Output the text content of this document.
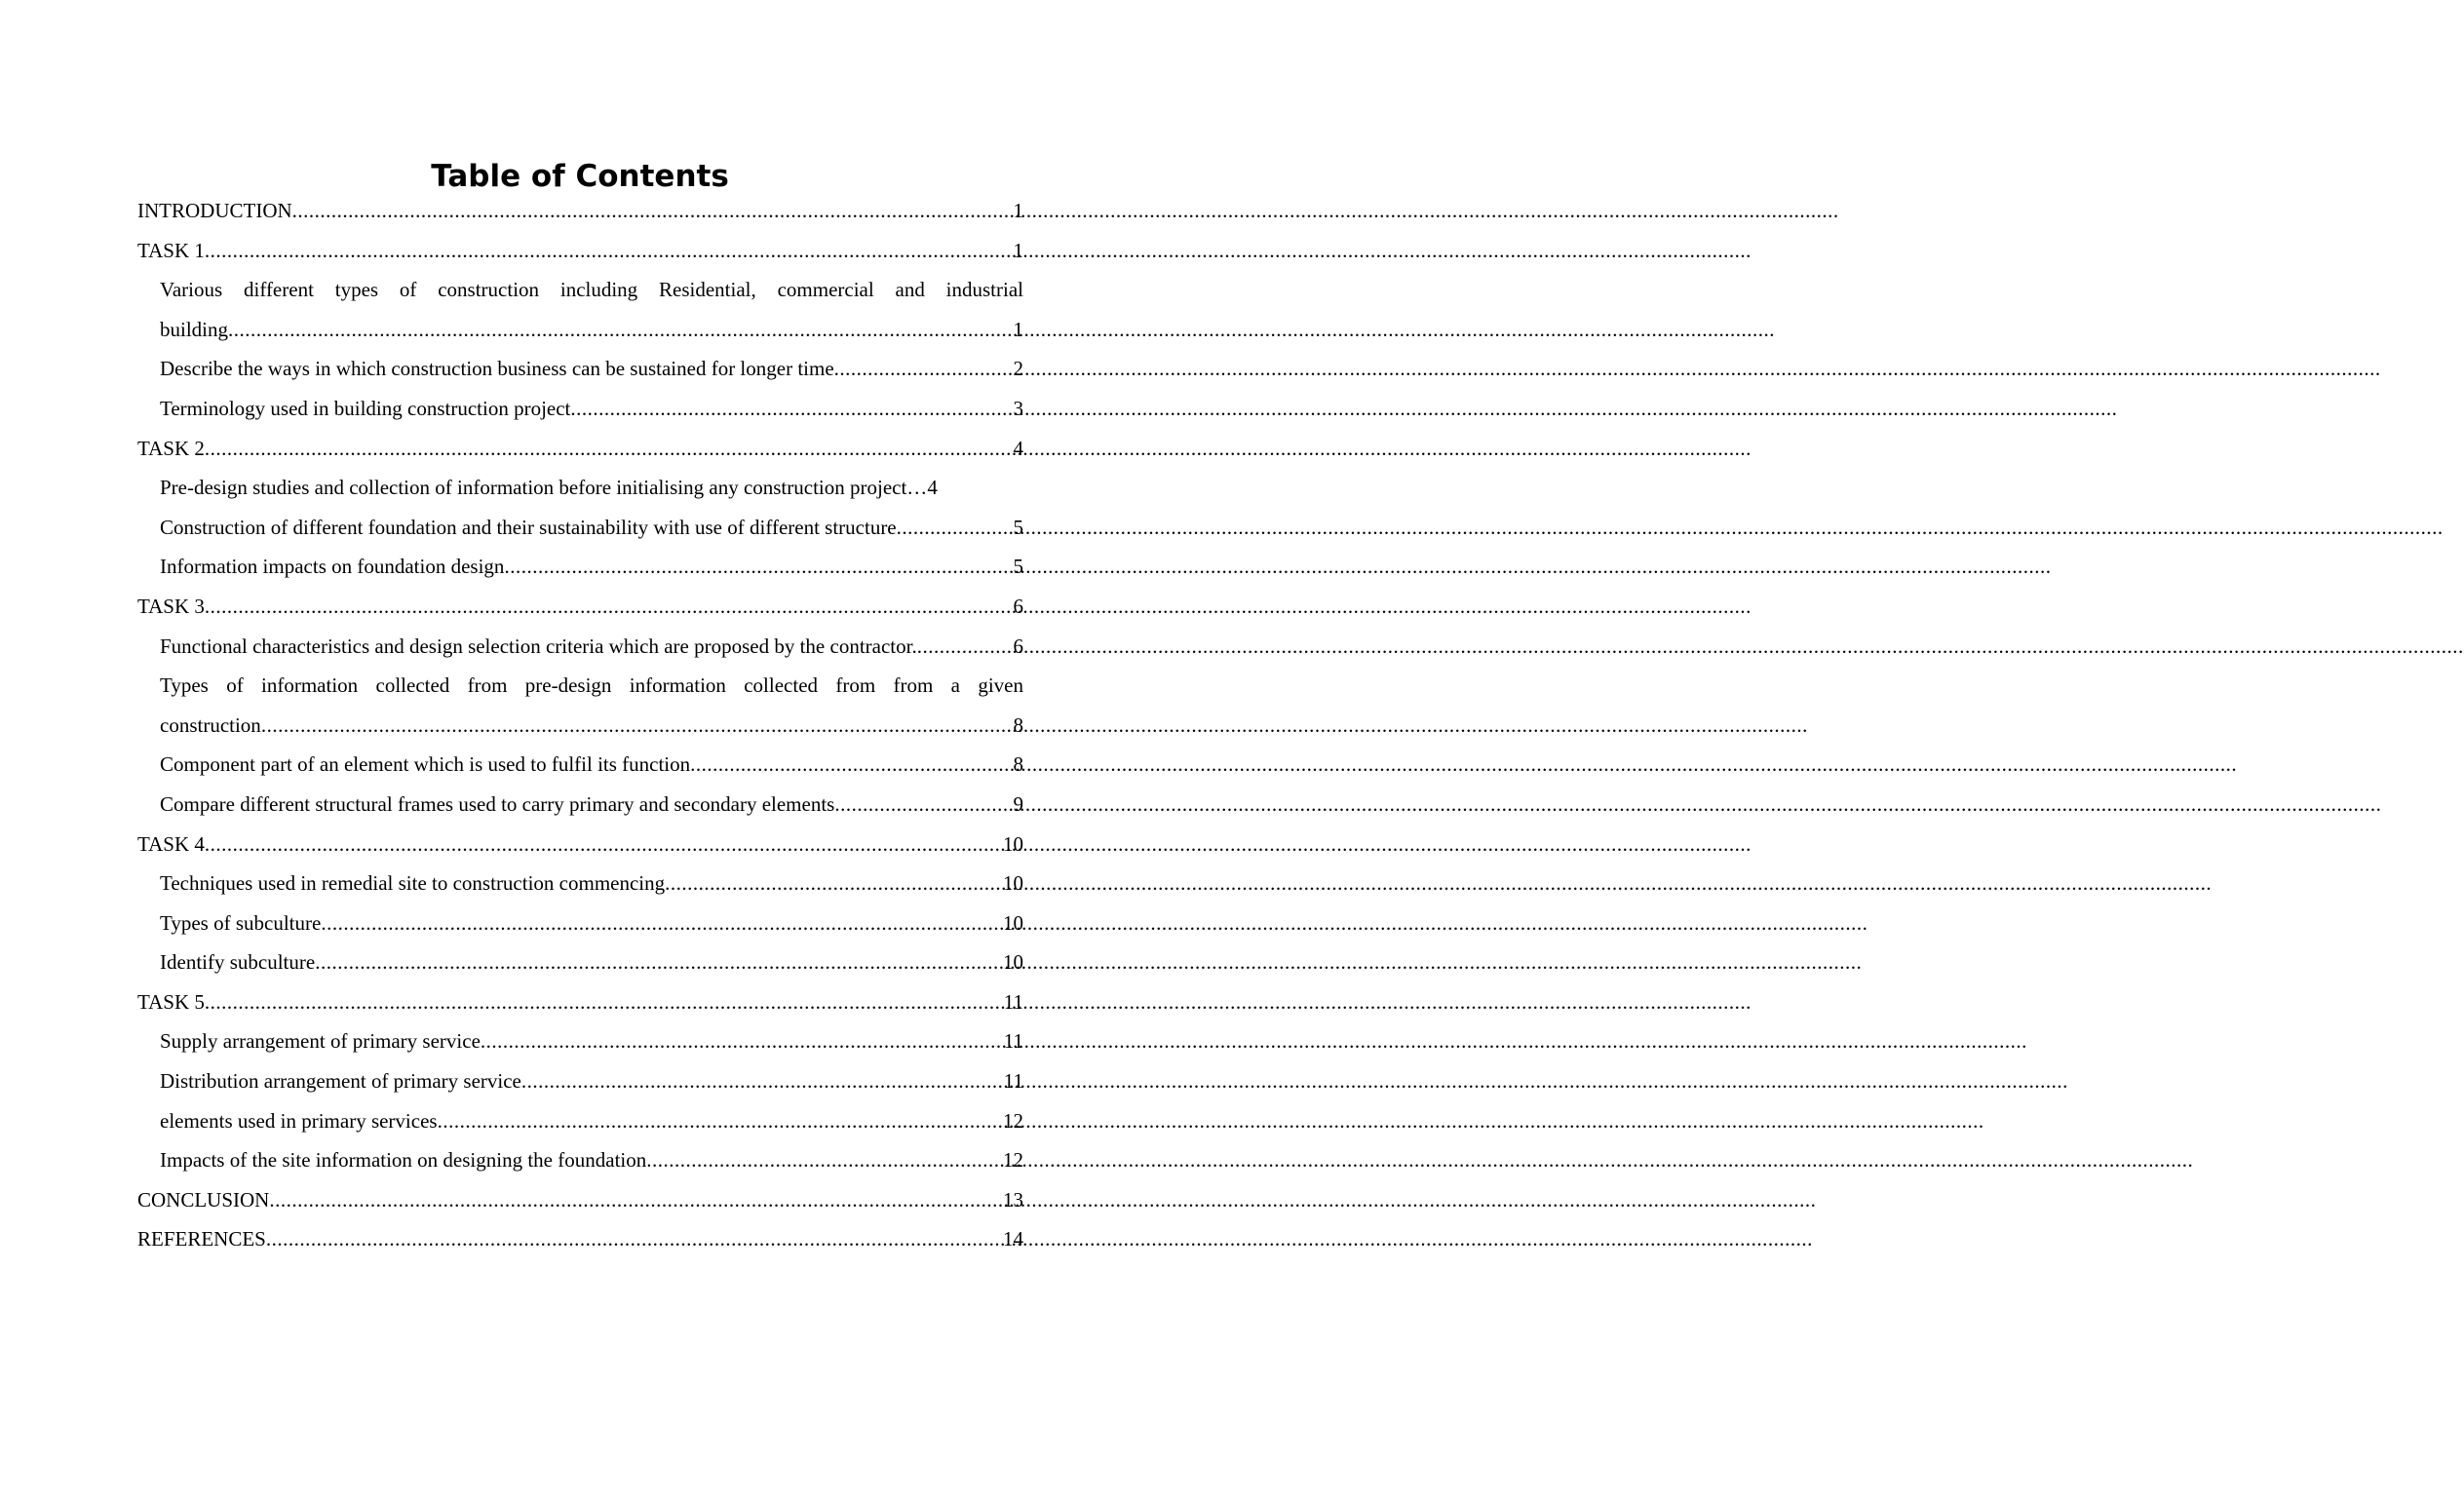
Table of Contents
INTRODUCTION .....	1
TASK 1 .....	1
Various different types of construction including Residential, commercial and industrial
building .....	1
Describe the ways in which construction business can be sustained for longer time .....	2
Terminology used in building construction project .....	3
TASK 2 .....	4
Pre-design studies and collection of information before initialising any construction project… 4
Construction of different foundation and their sustainability with use of different structure .....	5
Information impacts on foundation design .....	5
TASK 3 .....	6
Functional characteristics and design selection criteria which are proposed by the contractor. .....	6
Types of information collected from pre-design information collected from from a given
construction .....	8
Component part of an element which is used to fulfil its function .....	8
Compare different structural frames used to carry primary and secondary elements .....	9
TASK 4 .....	10
Techniques used in remedial site to construction commencing .....	10
Types of subculture .....	10
Identify subculture .....	10
TASK 5 .....	11
Supply arrangement of primary service .....	11
Distribution arrangement of primary service .....	11
elements used in primary services .....	12
Impacts of the site information on designing the foundation .....	12
CONCLUSION .....	13
REFERENCES .....	14
